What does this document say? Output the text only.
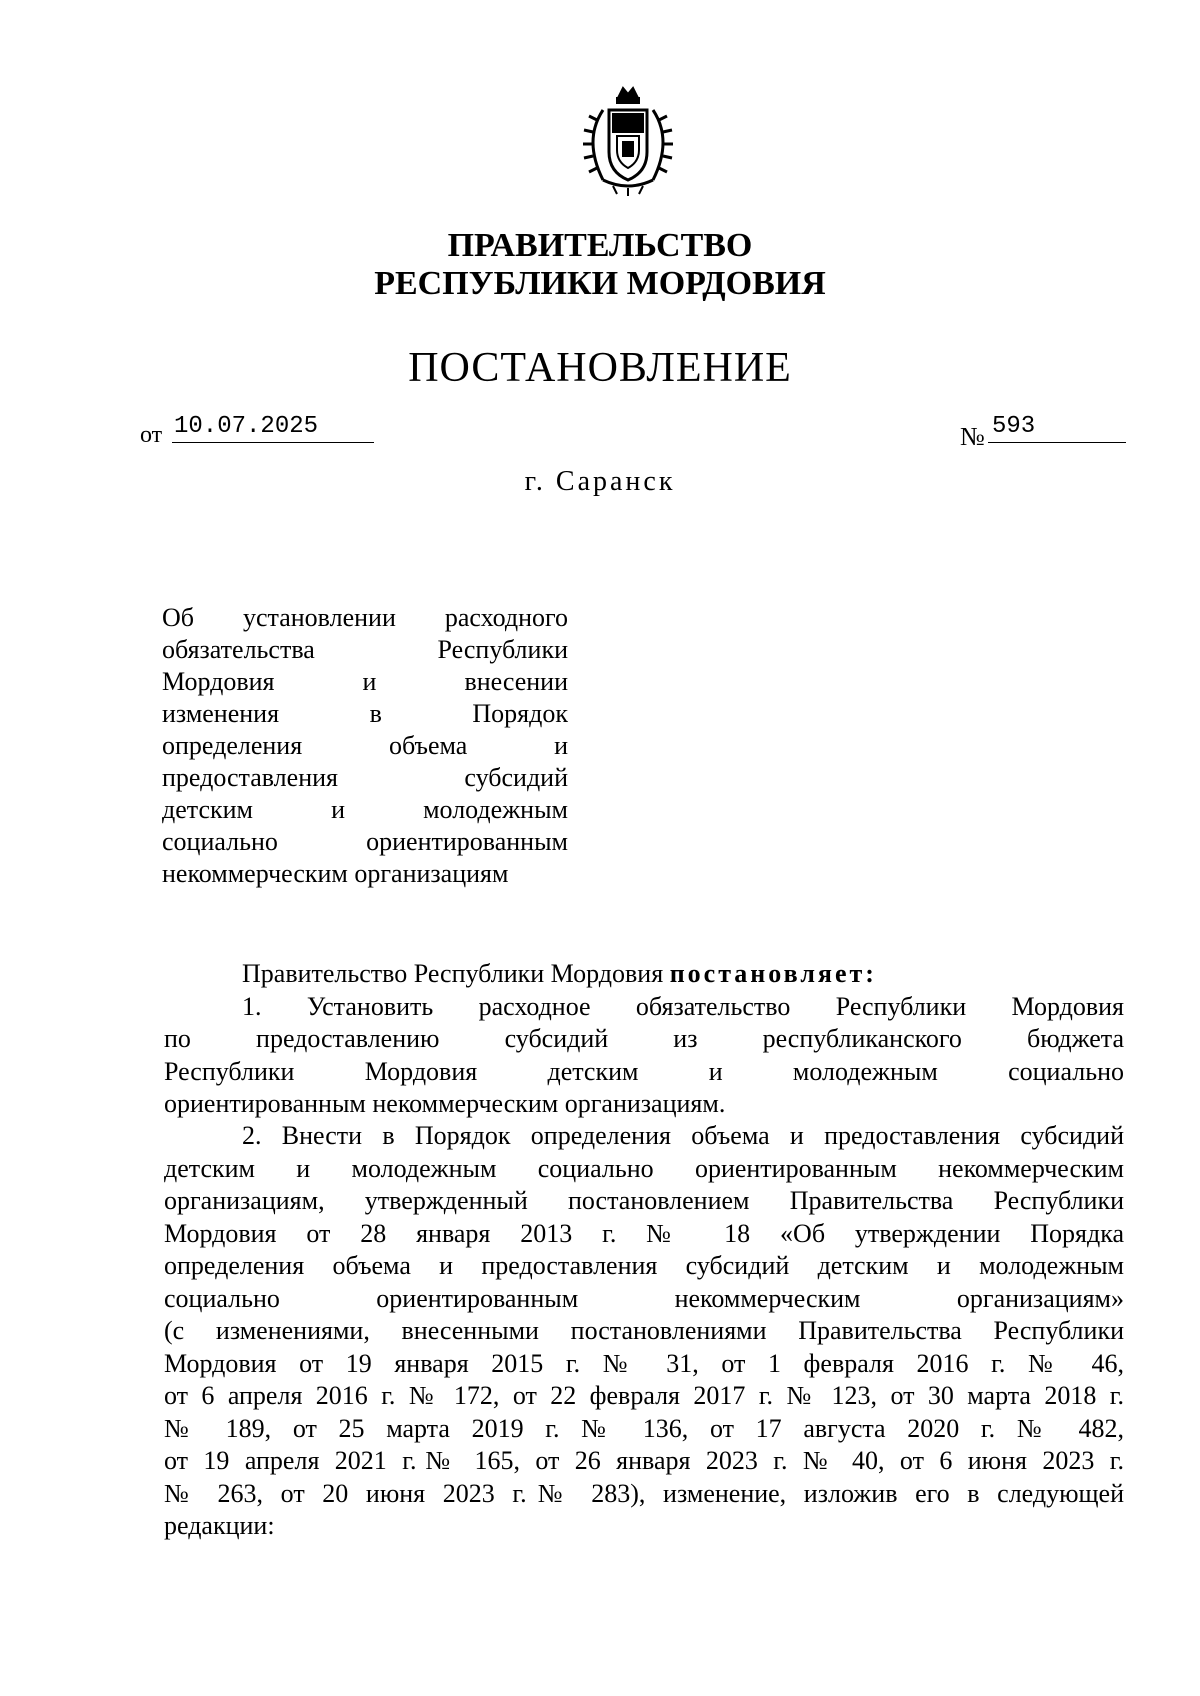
ПРАВИТЕЛЬСТВО
РЕСПУБЛИКИ МОРДОВИЯ
ПОСТАНОВЛЕНИЕ
от 10.07.2025	№ 593
г. Саранск
Об установлении расходного
обязательства Республики
Мордовия и внесении
изменения в Порядок
определения объема и
предоставления субсидий
детским и молодежным
социально ориентированным
некоммерческим организациям
Правительство Республики Мордовия постановляет:
1. Установить расходное обязательство Республики Мордовия
по предоставлению субсидий из республиканского бюджета
Республики Мордовия детским и молодежным социально
ориентированным некоммерческим организациям.
2. Внести в Порядок определения объема и предоставления субсидий
детским и молодежным социально ориентированным некоммерческим
организациям, утвержденный постановлением Правительства Республики
Мордовия от 28 января 2013 г. № 18 «Об утверждении Порядка
определения объема и предоставления субсидий детским и молодежным
социально ориентированным некоммерческим организациям»
(с изменениями, внесенными постановлениями Правительства Республики
Мордовия от 19 января 2015 г. № 31, от 1 февраля 2016 г. № 46,
от 6 апреля 2016 г. № 172, от 22 февраля 2017 г. № 123, от 30 марта 2018 г.
№ 189, от 25 марта 2019 г. № 136, от 17 августа 2020 г. № 482,
от 19 апреля 2021 г.№ 165, от 26 января 2023 г. № 40, от 6 июня 2023 г.
№ 263, от 20 июня 2023 г.№ 283), изменение, изложив его в следующей
редакции:
